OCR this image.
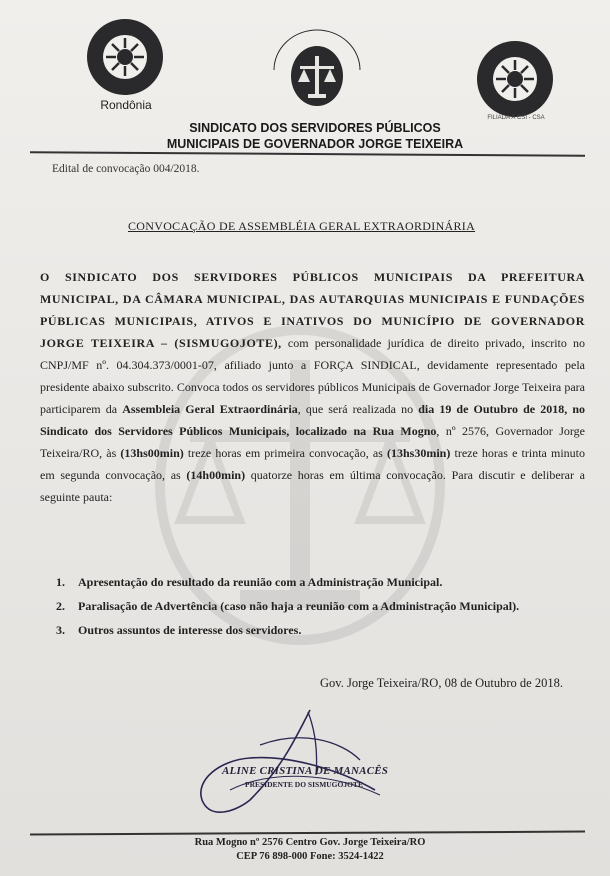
Rondônia
FILIADA À CSI - CSA
SINDICATO DOS SERVIDORES PÚBLICOS
MUNICIPAIS DE GOVERNADOR JORGE TEIXEIRA
Edital de convocação 004/2018.
CONVOCAÇÃO DE ASSEMBLÉIA GERAL EXTRAORDINÁRIA
O SINDICATO DOS SERVIDORES PÚBLICOS MUNICIPAIS DA PREFEITURA MUNICIPAL, DA CÂMARA MUNICIPAL, DAS AUTARQUIAS MUNICIPAIS E FUNDAÇÕES PÚBLICAS MUNICIPAIS, ATIVOS E INATIVOS DO MUNICÍPIO DE GOVERNADOR JORGE TEIXEIRA – (SISMUGOJOTE), com personalidade jurídica de direito privado, inscrito no CNPJ/MF nº. 04.304.373/0001-07, afiliado junto a FORÇA SINDICAL, devidamente representado pela presidente abaixo subscrito. Convoca todos os servidores públicos Municipais de Governador Jorge Teixeira para participarem da Assembleia Geral Extraordinária, que será realizada no dia 19 de Outubro de 2018, no Sindicato dos Servidores Públicos Municipais, localizado na Rua Mogno, nº 2576, Governador Jorge Teixeira/RO, às (13hs00min) treze horas em primeira convocação, as (13hs30min) treze horas e trinta minuto em segunda convocação, as (14h00min) quatorze horas em última convocação. Para discutir e deliberar a seguinte pauta:
1. Apresentação do resultado da reunião com a Administração Municipal.
2. Paralisação de Advertência (caso não haja a reunião com a Administração Municipal).
3. Outros assuntos de interesse dos servidores.
Gov. Jorge Teixeira/RO, 08 de Outubro de 2018.
ALINE CRISTINA DE MANACÊS
PRESIDENTE DO SISMUGOJOTE
Rua Mogno nº 2576 Centro Gov. Jorge Teixeira/RO
CEP 76 898-000 Fone: 3524-1422
